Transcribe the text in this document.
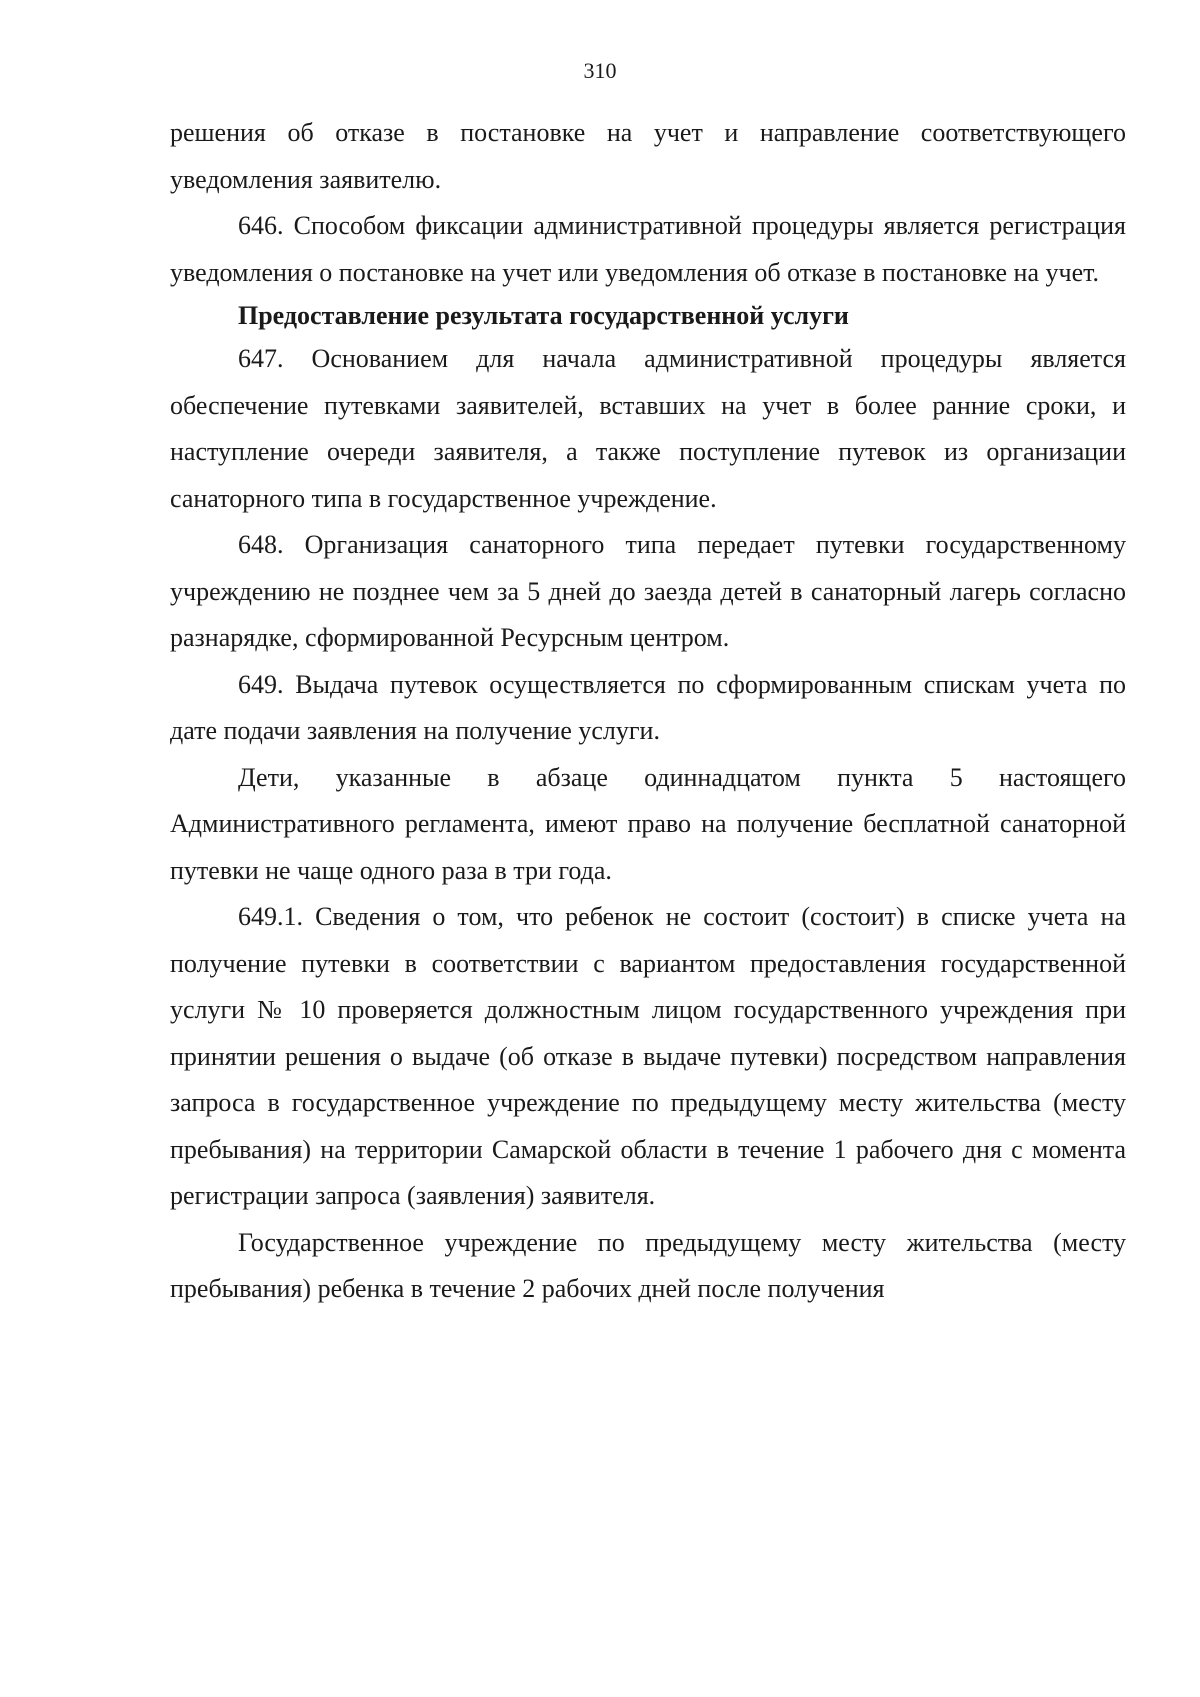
310

решения об отказе в постановке на учет и направление соответствующего уведомления заявителю.

646. Способом фиксации административной процедуры является регистрация уведомления о постановке на учет или уведомления об отказе в постановке на учет.

Предоставление результата государственной услуги

647. Основанием для начала административной процедуры является обеспечение путевками заявителей, вставших на учет в более ранние сроки, и наступление очереди заявителя, а также поступление путевок из организации санаторного типа в государственное учреждение.

648. Организация санаторного типа передает путевки государственному учреждению не позднее чем за 5 дней до заезда детей в санаторный лагерь согласно разнарядке, сформированной Ресурсным центром.

649. Выдача путевок осуществляется по сформированным спискам учета по дате подачи заявления на получение услуги.

Дети, указанные в абзаце одиннадцатом пункта 5 настоящего Административного регламента, имеют право на получение бесплатной санаторной путевки не чаще одного раза в три года.

649.1. Сведения о том, что ребенок не состоит (состоит) в списке учета на получение путевки в соответствии с вариантом предоставления государственной услуги № 10 проверяется должностным лицом государственного учреждения при принятии решения о выдаче (об отказе в выдаче путевки) посредством направления запроса в государственное учреждение по предыдущему месту жительства (месту пребывания) на территории Самарской области в течение 1 рабочего дня с момента регистрации запроса (заявления) заявителя.

Государственное учреждение по предыдущему месту жительства (месту пребывания) ребенка в течение 2 рабочих дней после получения
